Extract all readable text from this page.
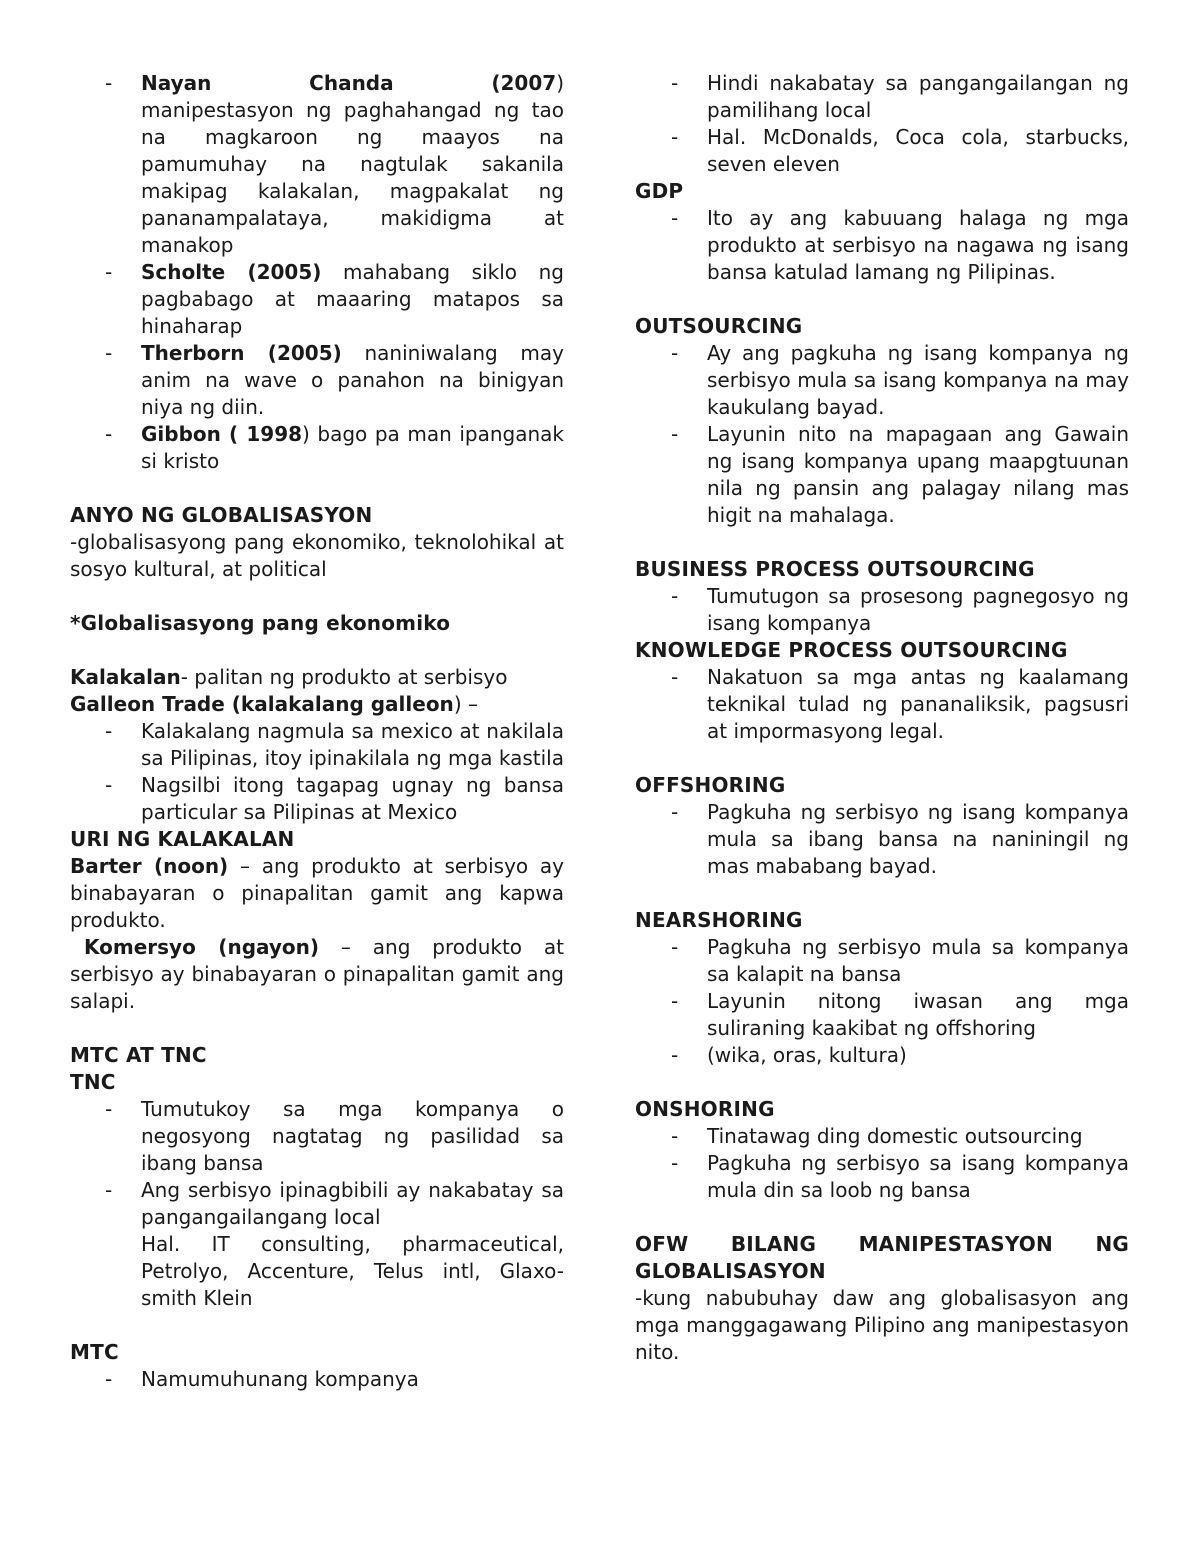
-	Nayan Chanda (2007) manipestasyon ng paghahangad ng tao na magkaroon ng maayos na pamumuhay na nagtulak sakanila makipag kalakalan, magpakalat ng pananampalataya, makidigma at manakop
-	Scholte (2005) mahabang siklo ng pagbabago at maaaring matapos sa hinaharap
-	Therborn (2005) naniniwalang may anim na wave o panahon na binigyan niya ng diin.
-	Gibbon ( 1998) bago pa man ipanganak si kristo
ANYO NG GLOBALISASYON
-globalisasyong pang ekonomiko, teknolohikal at sosyo kultural, at political
*Globalisasyong pang ekonomiko
Kalakalan- palitan ng produkto at serbisyo
Galleon Trade (kalakalang galleon) –
-	Kalakalang nagmula sa mexico at nakilala sa Pilipinas, itoy ipinakilala ng mga kastila
-	Nagsilbi itong tagapag ugnay ng bansa particular sa Pilipinas at Mexico
URI NG KALAKALAN
Barter (noon) – ang produkto at serbisyo ay binabayaran o pinapalitan gamit ang kapwa produkto.
Komersyo (ngayon) – ang produkto at serbisyo ay binabayaran o pinapalitan gamit ang salapi.
MTC AT TNC
TNC
-	Tumutukoy sa mga kompanya o negosyong nagtatag ng pasilidad sa ibang bansa
-	Ang serbisyo ipinagbibili ay nakabatay sa pangangailangang local
Hal. IT consulting, pharmaceutical, Petrolyo, Accenture, Telus intl, Glaxo-smith Klein
MTC
-	Namumuhunang kompanya
-	Hindi nakabatay sa pangangailangan ng pamilihang local
-	Hal. McDonalds, Coca cola, starbucks, seven eleven
GDP
-	Ito ay ang kabuuang halaga ng mga produkto at serbisyo na nagawa ng isang bansa katulad lamang ng Pilipinas.
OUTSOURCING
-	Ay ang pagkuha ng isang kompanya ng serbisyo mula sa isang kompanya na may kaukulang bayad.
-	Layunin nito na mapagaan ang Gawain ng isang kompanya upang maapgtuunan nila ng pansin ang palagay nilang mas higit na mahalaga.
BUSINESS PROCESS OUTSOURCING
-	Tumutugon sa prosesong pagnegosyo ng isang kompanya
KNOWLEDGE PROCESS OUTSOURCING
-	Nakatuon sa mga antas ng kaalamang teknikal tulad ng pananaliksik, pagsusri at impormasyong legal.
OFFSHORING
-	Pagkuha ng serbisyo ng isang kompanya mula sa ibang bansa na naniningil ng mas mababang bayad.
NEARSHORING
-	Pagkuha ng serbisyo mula sa kompanya sa kalapit na bansa
-	Layunin nitong iwasan ang mga suliraning kaakibat ng offshoring
-	(wika, oras, kultura)
ONSHORING
-	Tinatawag ding domestic outsourcing
-	Pagkuha ng serbisyo sa isang kompanya mula din sa loob ng bansa
OFW BILANG MANIPESTASYON NG GLOBALISASYON
-kung nabubuhay daw ang globalisasyon ang mga manggagawang Pilipino ang manipestasyon nito.
